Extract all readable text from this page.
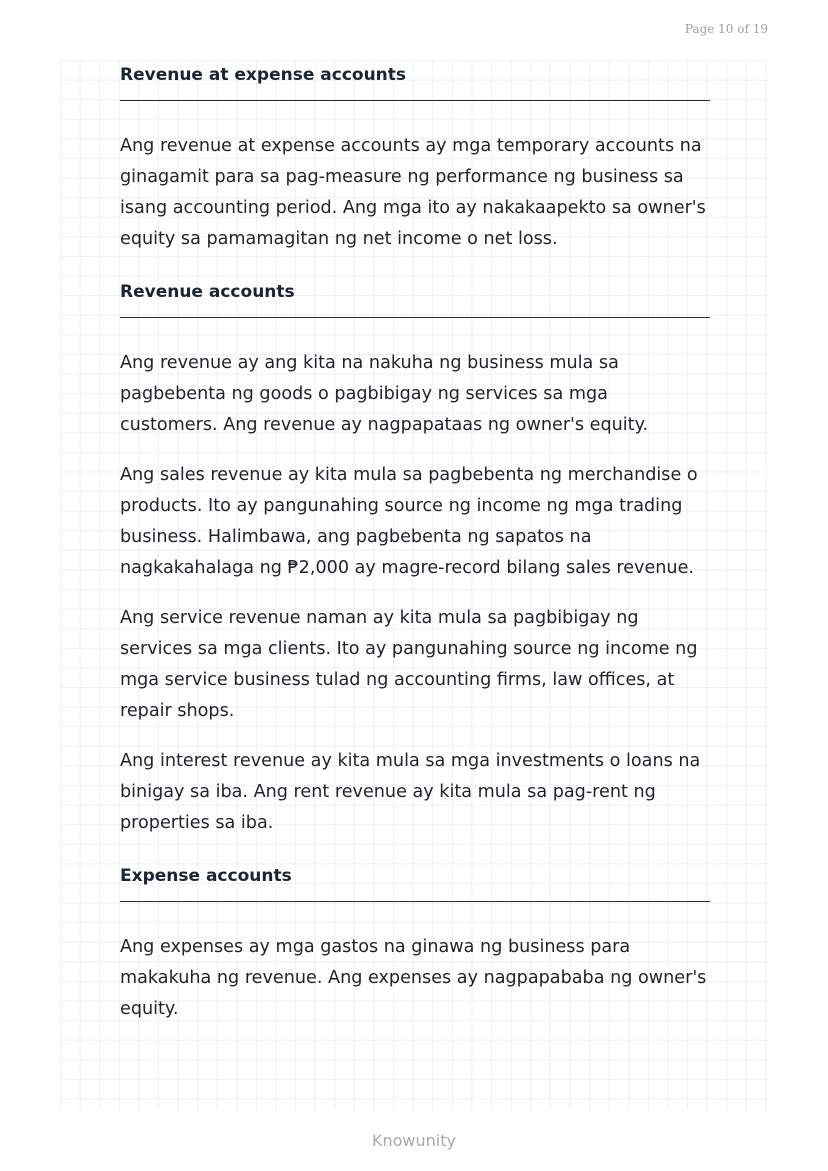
Page 10 of 19
Revenue at expense accounts

Ang revenue at expense accounts ay mga temporary accounts na ginagamit para sa pag-measure ng performance ng business sa isang accounting period. Ang mga ito ay nakakaapekto sa owner's equity sa pamamagitan ng net income o net loss.

Revenue accounts

Ang revenue ay ang kita na nakuha ng business mula sa pagbebenta ng goods o pagbibigay ng services sa mga customers. Ang revenue ay nagpapataas ng owner's equity.

Ang sales revenue ay kita mula sa pagbebenta ng merchandise o products. Ito ay pangunahing source ng income ng mga trading business. Halimbawa, ang pagbebenta ng sapatos na nagkakahalaga ng ₱2,000 ay magre-record bilang sales revenue.

Ang service revenue naman ay kita mula sa pagbibigay ng services sa mga clients. Ito ay pangunahing source ng income ng mga service business tulad ng accounting firms, law offices, at repair shops.

Ang interest revenue ay kita mula sa mga investments o loans na binigay sa iba. Ang rent revenue ay kita mula sa pag-rent ng properties sa iba.

Expense accounts

Ang expenses ay mga gastos na ginawa ng business para makakuha ng revenue. Ang expenses ay nagpapababa ng owner's equity.

Knowunity
